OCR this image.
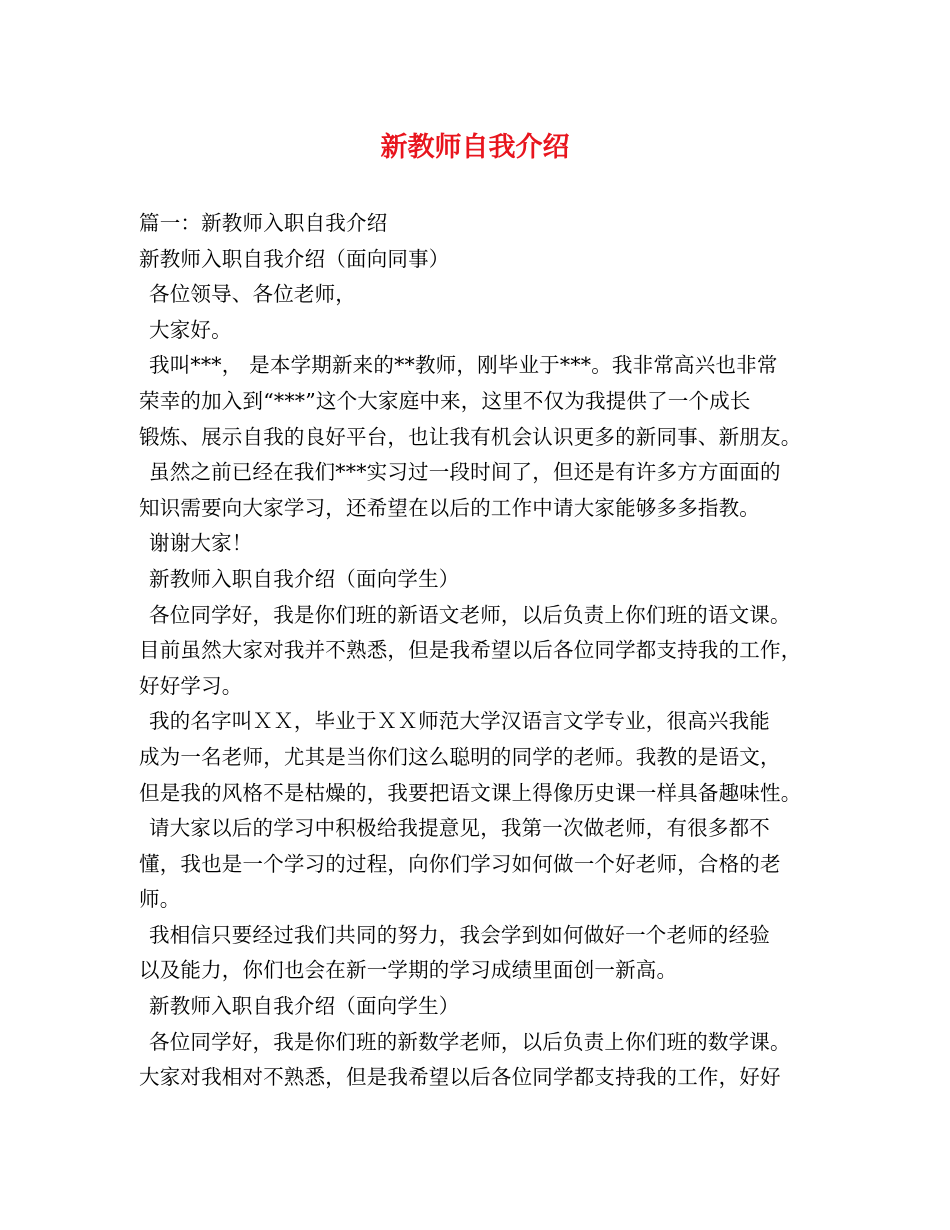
新教师自我介绍
篇一：新教师入职自我介绍
新教师入职自我介绍（面向同事）
各位领导、各位老师，
大家好。
我叫***， 是本学期新来的**教师，刚毕业于***。我非常高兴也非常
荣幸的加入到“***”这个大家庭中来，这里不仅为我提供了一个成长
锻炼、展示自我的良好平台，也让我有机会认识更多的新同事、新朋友。
虽然之前已经在我们***实习过一段时间了，但还是有许多方方面面的
知识需要向大家学习，还希望在以后的工作中请大家能够多多指教。
谢谢大家！
新教师入职自我介绍（面向学生）
各位同学好，我是你们班的新语文老师，以后负责上你们班的语文课。
目前虽然大家对我并不熟悉，但是我希望以后各位同学都支持我的工作，
好好学习。
我的名字叫ＸＸ，毕业于ＸＸ师范大学汉语言文学专业，很高兴我能
成为一名老师，尤其是当你们这么聪明的同学的老师。我教的是语文，
但是我的风格不是枯燥的，我要把语文课上得像历史课一样具备趣味性。
请大家以后的学习中积极给我提意见，我第一次做老师，有很多都不
懂，我也是一个学习的过程，向你们学习如何做一个好老师，合格的老
师。
我相信只要经过我们共同的努力，我会学到如何做好一个老师的经验
以及能力，你们也会在新一学期的学习成绩里面创一新高。
新教师入职自我介绍（面向学生）
各位同学好，我是你们班的新数学老师，以后负责上你们班的数学课。
大家对我相对不熟悉，但是我希望以后各位同学都支持我的工作，好好
